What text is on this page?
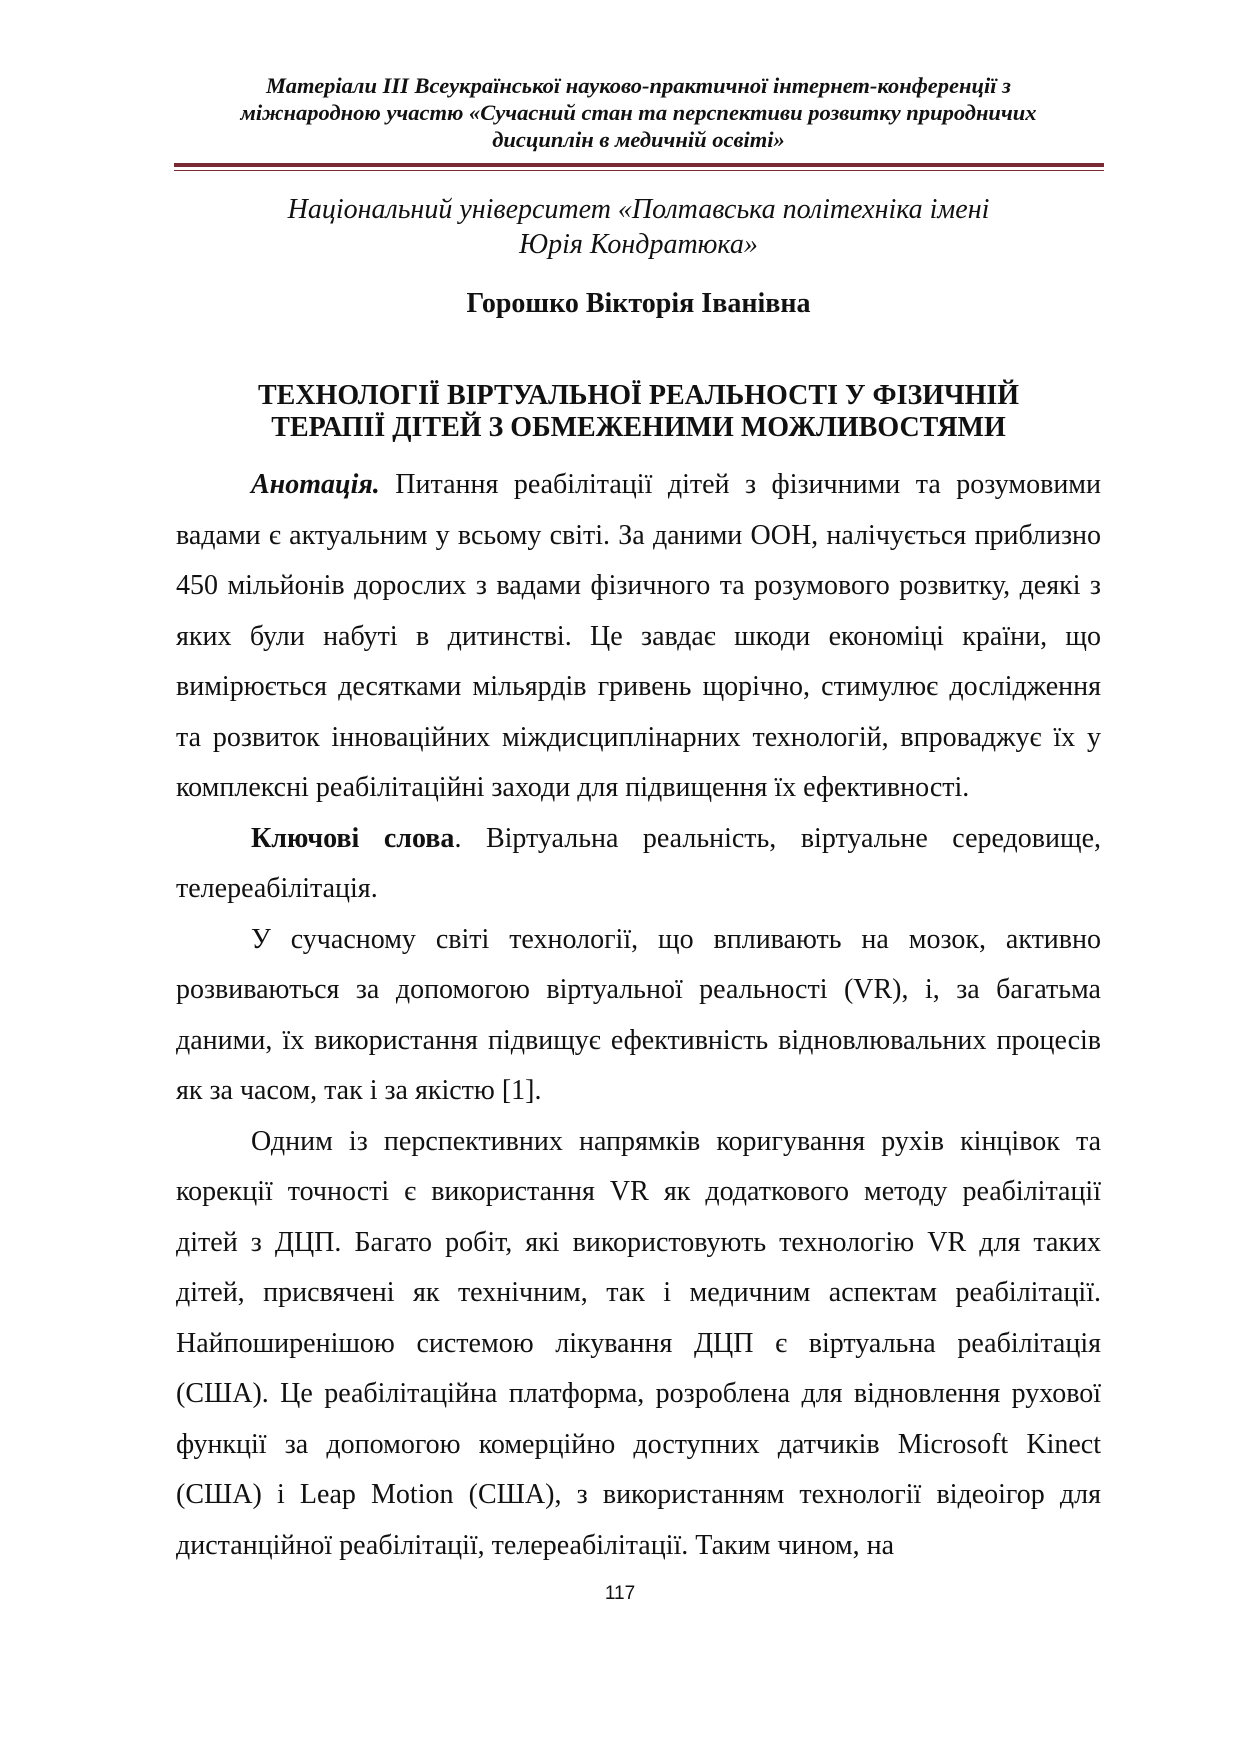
Матеріали III Всеукраїнської науково-практичної інтернет-конференції з
міжнародною участю «Сучасний стан та перспективи розвитку природничих
дисциплін в медичній освіті»
Національний університет «Полтавська політехніка імені
Юрія Кондратюка»
Горошко Вікторія Іванівна
ТЕХНОЛОГІЇ ВІРТУАЛЬНОЇ РЕАЛЬНОСТІ У ФІЗИЧНІЙ
ТЕРАПІЇ ДІТЕЙ З ОБМЕЖЕНИМИ МОЖЛИВОСТЯМИ

Анотація. Питання реабілітації дітей з фізичними та розумовими вадами є актуальним у всьому світі. За даними ООН, налічується приблизно 450 мільйонів дорослих з вадами фізичного та розумового розвитку, деякі з яких були набуті в дитинстві. Це завдає шкоди економіці країни, що вимірюється десятками мільярдів гривень щорічно, стимулює дослідження та розвиток інноваційних міждисциплінарних технологій, впроваджує їх у комплексні реабілітаційні заходи для підвищення їх ефективності.

Ключові слова. Віртуальна реальність, віртуальне середовище, телереабілітація.

У сучасному світі технології, що впливають на мозок, активно розвиваються за допомогою віртуальної реальності (VR), і, за багатьма даними, їх використання підвищує ефективність відновлювальних процесів як за часом, так і за якістю [1].

Одним із перспективних напрямків коригування рухів кінцівок та корекції точності є використання VR як додаткового методу реабілітації дітей з ДЦП. Багато робіт, які використовують технологію VR для таких дітей, присвячені як технічним, так і медичним аспектам реабілітації. Найпоширенішою системою лікування ДЦП є віртуальна реабілітація (США). Це реабілітаційна платформа, розроблена для відновлення рухової функції за допомогою комерційно доступних датчиків Microsoft Kinect (США) і Leap Motion (США), з використанням технології відеоігор для дистанційної реабілітації, телереабілітації. Таким чином, на

117
